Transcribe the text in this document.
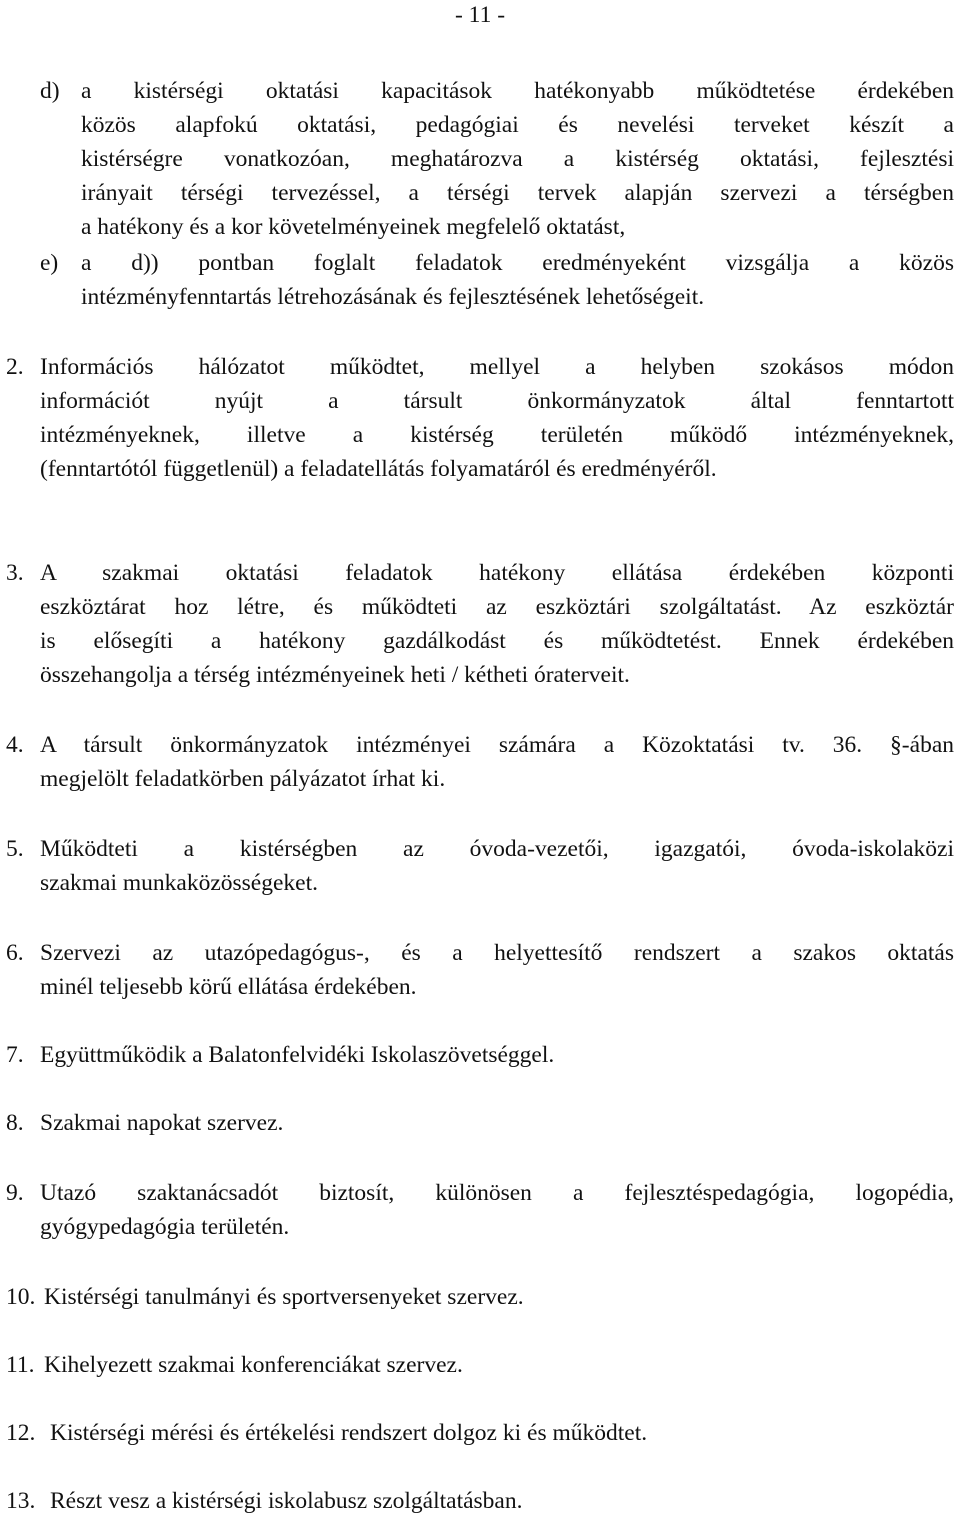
- 11 -
d) a kistérségi oktatási kapacitások hatékonyabb működtetése érdekében
közös alapfokú oktatási, pedagógiai és nevelési terveket készít a
kistérségre vonatkozóan, meghatározva a kistérség oktatási, fejlesztési
irányait térségi tervezéssel, a térségi tervek alapján szervezi a térségben
a hatékony és a kor követelményeinek megfelelő oktatást,
e) a d)) pontban foglalt feladatok eredményeként vizsgálja a közös
intézményfenntartás létrehozásának és fejlesztésének lehetőségeit.
2. Információs hálózatot működtet, mellyel a helyben szokásos módon
információt nyújt a társult önkormányzatok által fenntartott
intézményeknek, illetve a kistérség területén működő intézményeknek,
(fenntartótól függetlenül) a feladatellátás folyamatáról és eredményéről.
3. A szakmai oktatási feladatok hatékony ellátása érdekében központi
eszköztárat hoz létre, és működteti az eszköztári szolgáltatást. Az eszköztár
is elősegíti a hatékony gazdálkodást és működtetést. Ennek érdekében
összehangolja a térség intézményeinek heti / kétheti óraterveit.
4. A társult önkormányzatok intézményei számára a Közoktatási tv. 36. §-ában
megjelölt feladatkörben pályázatot írhat ki.
5. Működteti a kistérségben az óvoda-vezetői, igazgatói, óvoda-iskolaközi
szakmai munkaközösségeket.
6. Szervezi az utazópedagógus-, és a helyettesítő rendszert a szakos oktatás
minél teljesebb körű ellátása érdekében.
7. Együttműködik a Balatonfelvidéki Iskolaszövetséggel.
8. Szakmai napokat szervez.
9. Utazó szaktanácsadót biztosít, különösen a fejlesztéspedagógia, logopédia,
gyógypedagógia területén.
10. Kistérségi tanulmányi és sportversenyeket szervez.
11. Kihelyezett szakmai konferenciákat szervez.
12. Kistérségi mérési és értékelési rendszert dolgoz ki és működtet.
13. Részt vesz a kistérségi iskolabusz szolgáltatásban.
